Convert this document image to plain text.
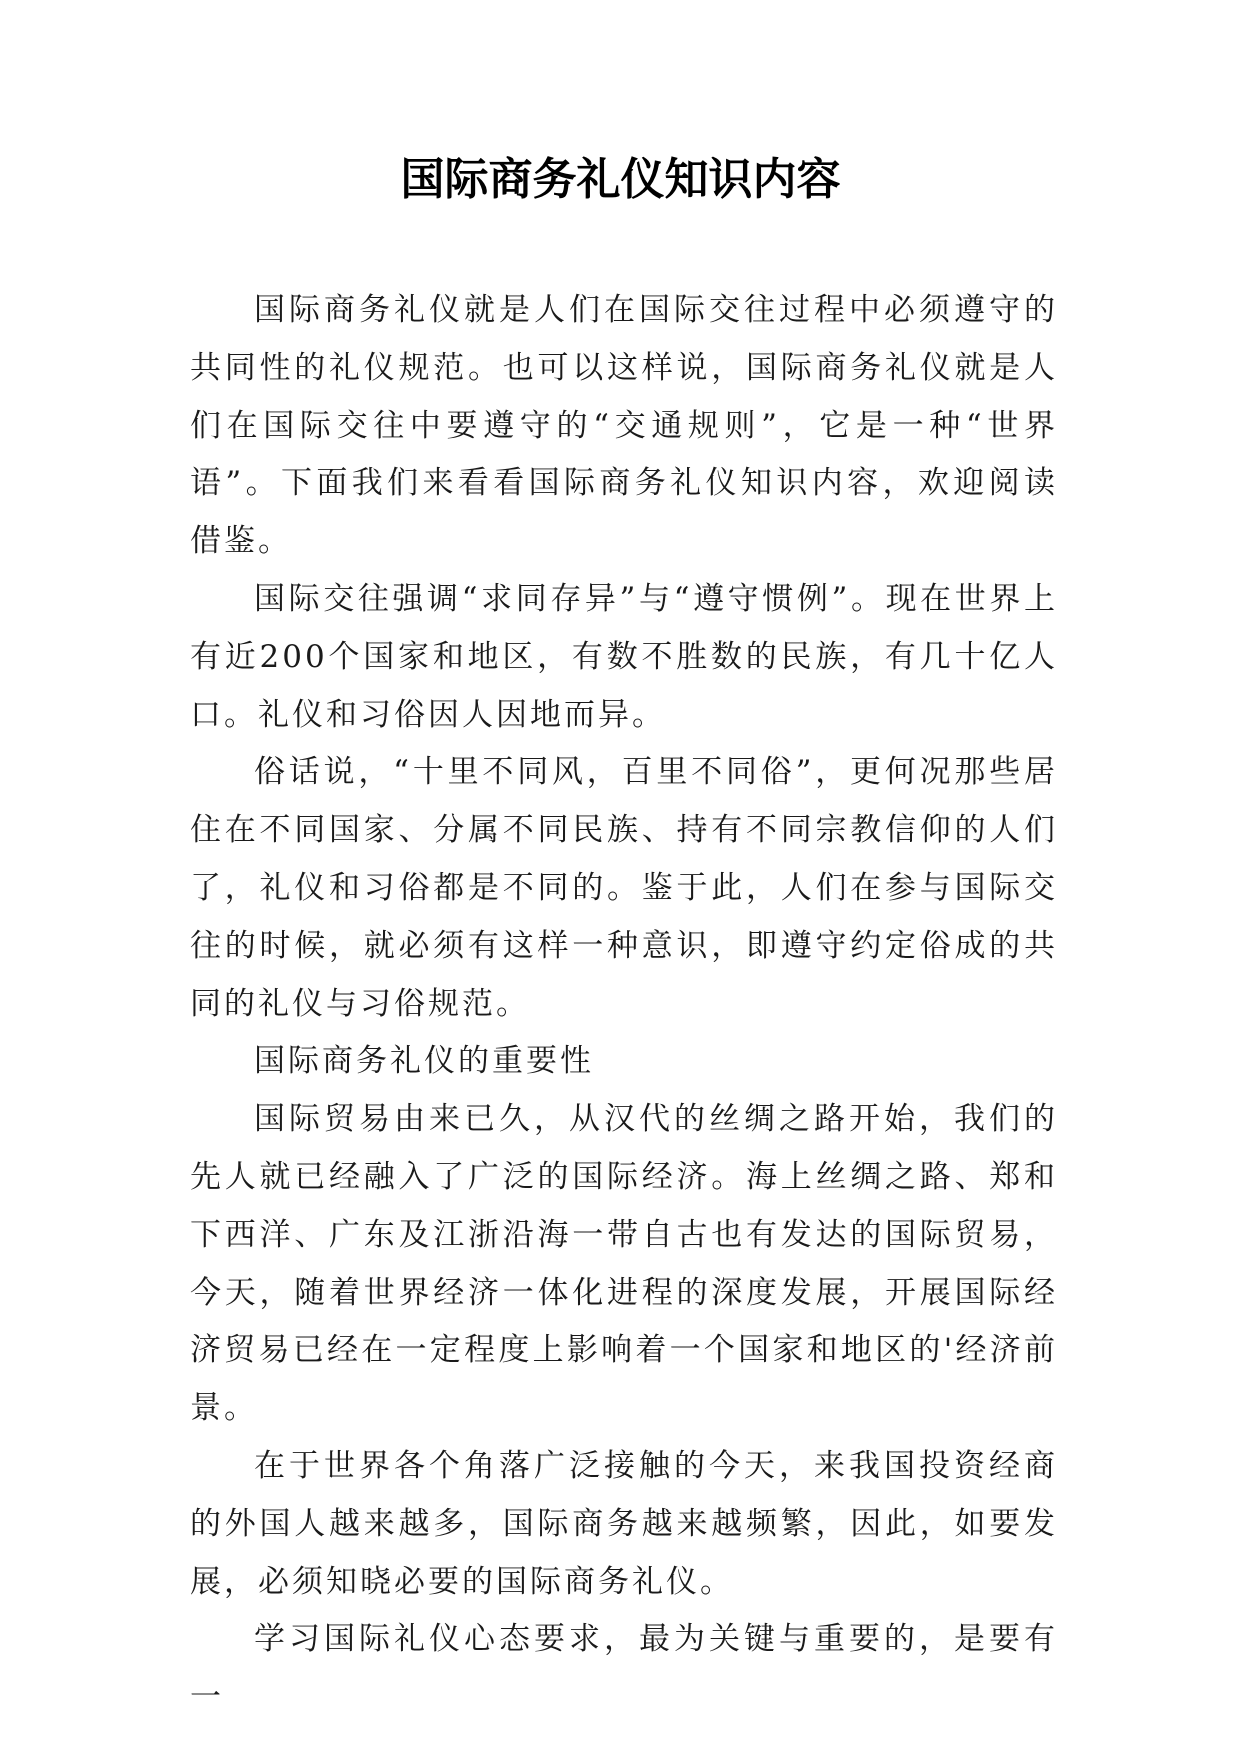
国际商务礼仪知识内容

国际商务礼仪就是人们在国际交往过程中必须遵守的共同性的礼仪规范。也可以这样说，国际商务礼仪就是人们在国际交往中要遵守的“交通规则”，它是一种“世界语”。下面我们来看看国际商务礼仪知识内容，欢迎阅读借鉴。

国际交往强调“求同存异”与“遵守惯例”。现在世界上有近200个国家和地区，有数不胜数的民族，有几十亿人口。礼仪和习俗因人因地而异。

俗话说，“十里不同风，百里不同俗”，更何况那些居住在不同国家、分属不同民族、持有不同宗教信仰的人们了，礼仪和习俗都是不同的。鉴于此，人们在参与国际交往的时候，就必须有这样一种意识，即遵守约定俗成的共同的礼仪与习俗规范。

国际商务礼仪的重要性

国际贸易由来已久，从汉代的丝绸之路开始，我们的先人就已经融入了广泛的国际经济。海上丝绸之路、郑和下西洋、广东及江浙沿海一带自古也有发达的国际贸易，今天，随着世界经济一体化进程的深度发展，开展国际经济贸易已经在一定程度上影响着一个国家和地区的'经济前景。

在于世界各个角落广泛接触的今天，来我国投资经商的外国人越来越多，国际商务越来越频繁，因此，如要发展，必须知晓必要的国际商务礼仪。

学习国际礼仪心态要求，最为关键与重要的，是要有一
